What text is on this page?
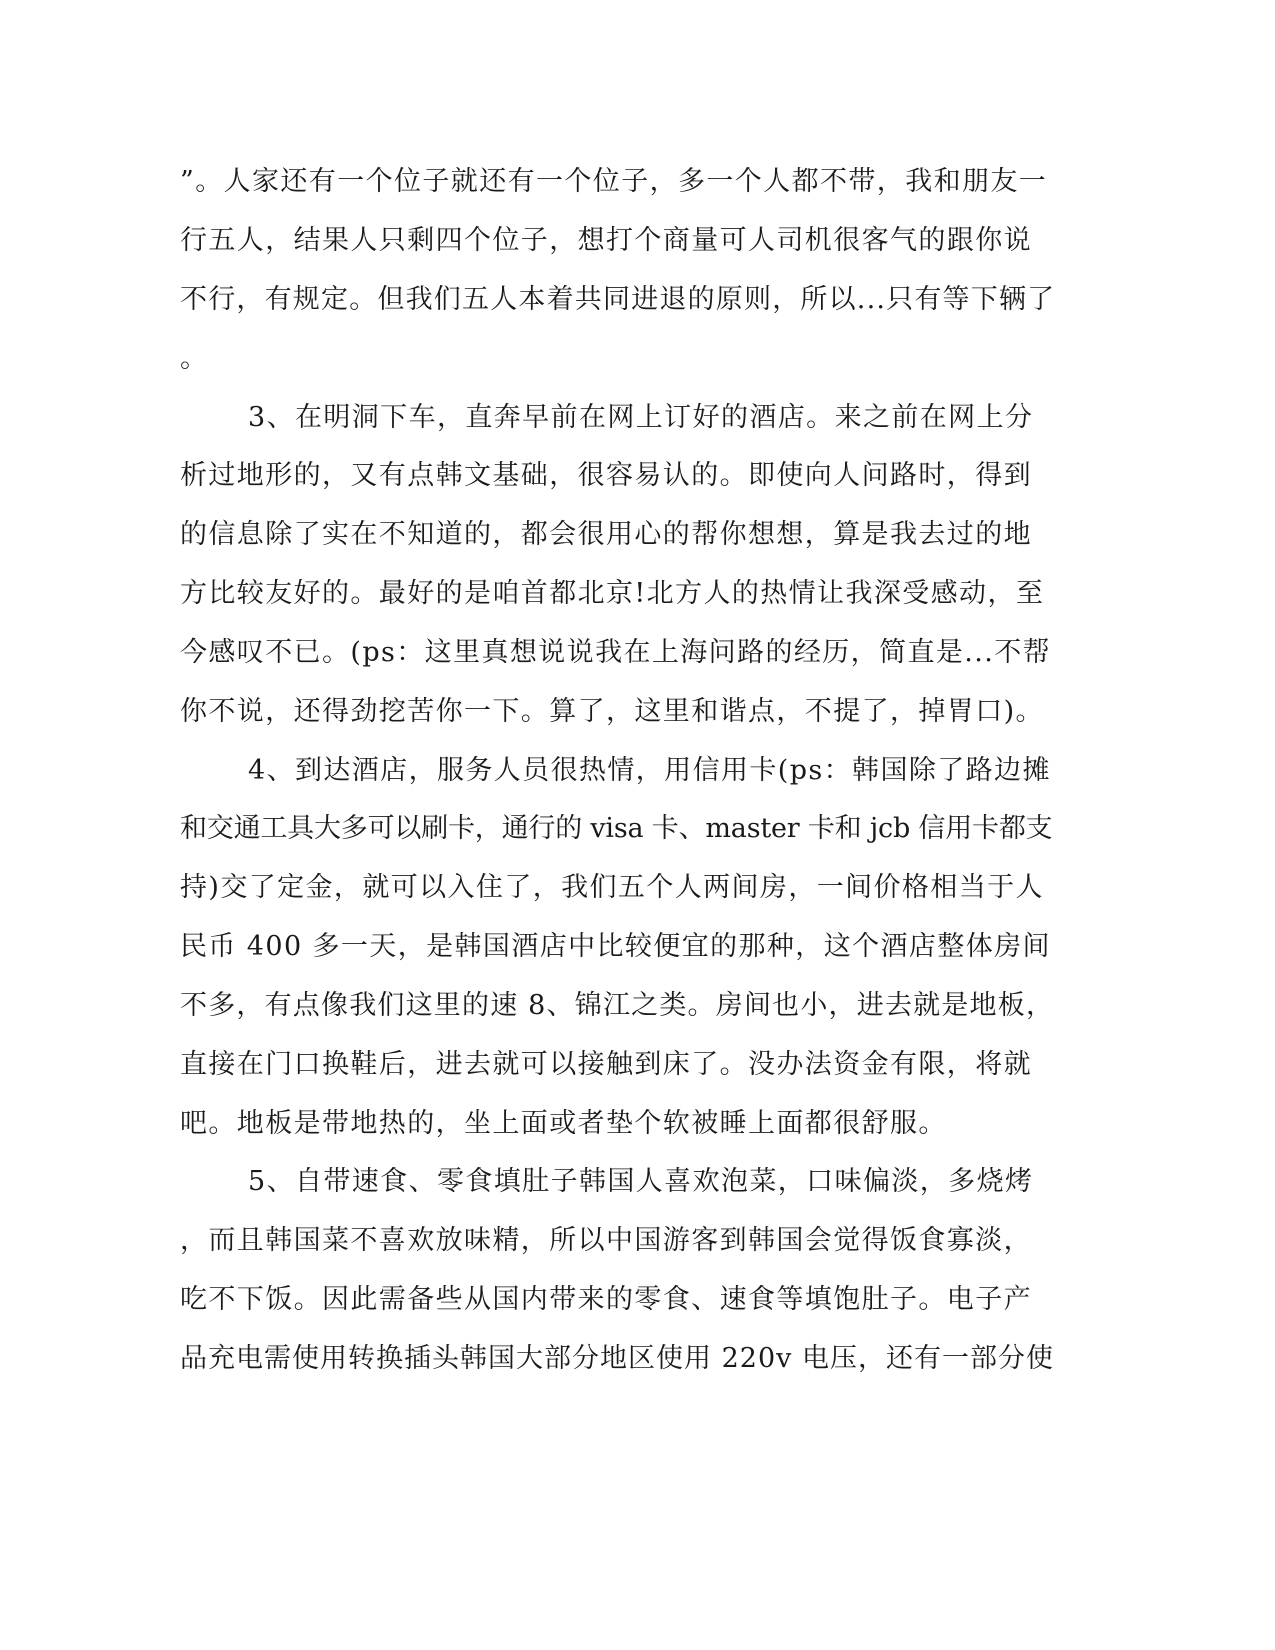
”。人家还有一个位子就还有一个位子，多一个人都不带，我和朋友一
行五人，结果人只剩四个位子，想打个商量可人司机很客气的跟你说
不行，有规定。但我们五人本着共同进退的原则，所以...只有等下辆了
。
3、在明洞下车，直奔早前在网上订好的酒店。来之前在网上分
析过地形的，又有点韩文基础，很容易认的。即使向人问路时，得到
的信息除了实在不知道的，都会很用心的帮你想想，算是我去过的地
方比较友好的。最好的是咱首都北京!北方人的热情让我深受感动，至
今感叹不已。(ps：这里真想说说我在上海问路的经历，简直是...不帮
你不说，还得劲挖苦你一下。算了，这里和谐点，不提了，掉胃口)。
4、到达酒店，服务人员很热情，用信用卡(ps：韩国除了路边摊
和交通工具大多可以刷卡，通行的 visa 卡、master 卡和 jcb 信用卡都支
持)交了定金，就可以入住了，我们五个人两间房，一间价格相当于人
民币 400 多一天，是韩国酒店中比较便宜的那种，这个酒店整体房间
不多，有点像我们这里的速 8、锦江之类。房间也小，进去就是地板，
直接在门口换鞋后，进去就可以接触到床了。没办法资金有限，将就
吧。地板是带地热的，坐上面或者垫个软被睡上面都很舒服。
5、自带速食、零食填肚子韩国人喜欢泡菜，口味偏淡，多烧烤
，而且韩国菜不喜欢放味精，所以中国游客到韩国会觉得饭食寡淡，
吃不下饭。因此需备些从国内带来的零食、速食等填饱肚子。电子产
品充电需使用转换插头韩国大部分地区使用 220v 电压，还有一部分使
